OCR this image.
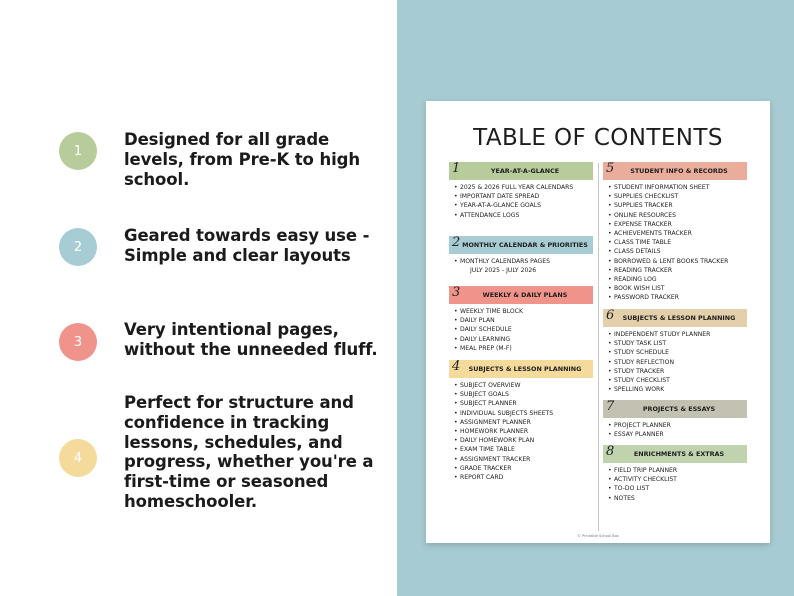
1
Designed for all grade levels, from Pre-K to high school.
2
Geared towards easy use - Simple and clear layouts
3
Very intentional pages, without the unneeded fluff.
4
Perfect for structure and confidence in tracking lessons, schedules, and progress, whether you're a first-time or seasoned homeschooler.
TABLE OF CONTENTS
1	YEAR-AT-A-GLANCE
• 2025 & 2026 FULL YEAR CALENDARS
• IMPORTANT DATE SPREAD
• YEAR-AT-A-GLANCE GOALS
• ATTENDANCE LOGS
2 MONTHLY CALENDAR & PRIORITIES
• MONTHLY CALENDARS PAGES
JULY 2025 - JULY 2026
3	WEEKLY & DAILY PLANS
• WEEKLY TIME BLOCK
• DAILY PLAN
• DAILY SCHEDULE
• DAILY LEARNING
• MEAL PREP (M-F)
4	SUBJECTS & LESSON PLANNING
• SUBJECT OVERVIEW
• SUBJECT GOALS
• SUBJECT PLANNER
• INDIVIDUAL SUBJECTS SHEETS
• ASSIGNMENT PLANNER
• HOMEWORK PLANNER
• DAILY HOMEWORK PLAN
• EXAM TIME TABLE
• ASSIGNMENT TRACKER
• GRADE TRACKER
• REPORT CARD
5	STUDENT INFO & RECORDS
• STUDENT INFORMATION SHEET
• SUPPLIES CHECKLIST
• SUPPLIES TRACKER
• ONLINE RESOURCES
• EXPENSE TRACKER
• ACHIEVEMENTS TRACKER
• CLASS TIME TABLE
• CLASS DETAILS
• BORROWED & LENT BOOKS TRACKER
• READING TRACKER
• READING LOG
• BOOK WISH LIST
• PASSWORD TRACKER
6	SUBJECTS & LESSON PLANNING
• INDEPENDENT STUDY PLANNER
• STUDY TASK LIST
• STUDY SCHEDULE
• STUDY REFLECTION
• STUDY TRACKER
• STUDY CHECKLIST
• SPELLING WORK
7	PROJECTS & ESSAYS
• PROJECT PLANNER
• ESSAY PLANNER
8	ENRICHMENTS & EXTRAS
• FIELD TRIP PLANNER
• ACTIVITY CHECKLIST
• TO-DO LIST
• NOTES
© Printable School Box
